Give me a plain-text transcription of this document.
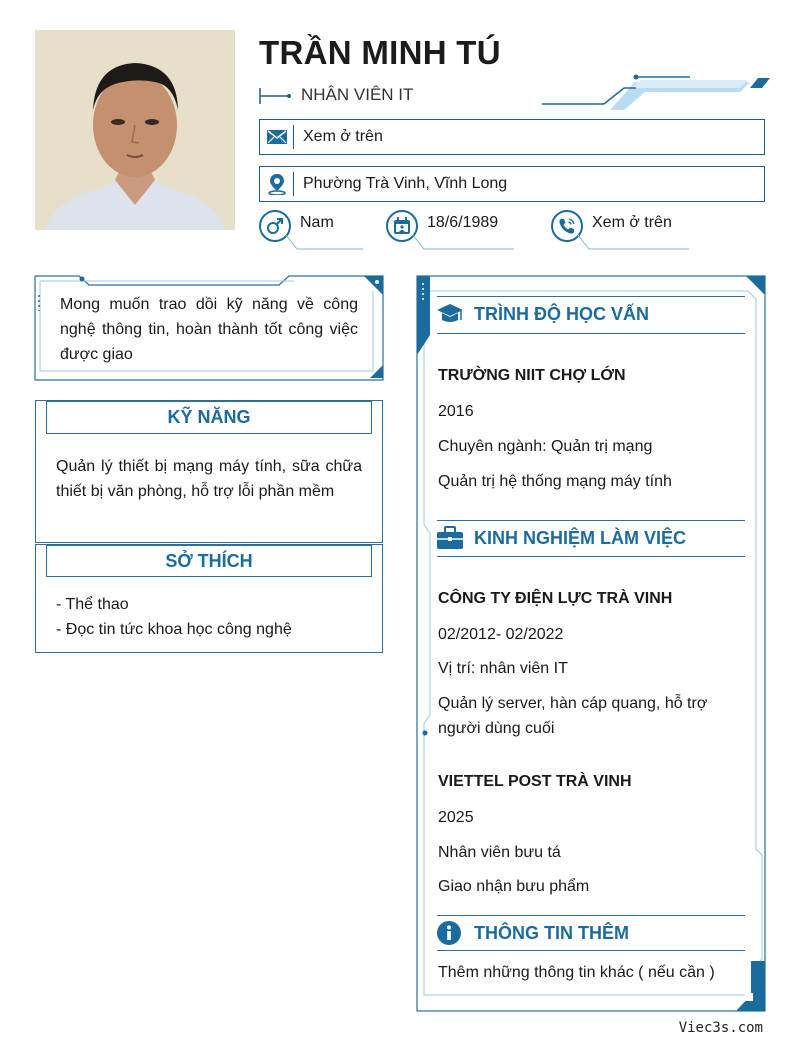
TRẦN MINH TÚ
NHÂN VIÊN IT
Xem ở trên
Phường Trà Vinh, Vĩnh Long
Nam	18/6/1989	Xem ở trên
Mong muốn trao dồi kỹ năng về công nghệ thông tin, hoàn thành tốt công việc được giao
KỸ NĂNG
Quản lý thiết bị mạng máy tính, sữa chữa thiết bị văn phòng, hỗ trợ lỗi phần mềm
SỞ THÍCH
- Thể thao
- Đọc tin tức khoa học công nghệ
TRÌNH ĐỘ HỌC VẤN
TRƯỜNG NIIT CHỢ LỚN
2016
Chuyên ngành: Quản trị mạng
Quản trị hệ thống mạng máy tính
KINH NGHIỆM LÀM VIỆC
CÔNG TY ĐIỆN LỰC TRÀ VINH
02/2012- 02/2022
Vị trí: nhân viên IT
Quản lý server, hàn cáp quang, hỗ trợ
người dùng cuối
VIETTEL POST TRÀ VINH
2025
Nhân viên bưu tá
Giao nhận bưu phẩm
THÔNG TIN THÊM
Thêm những thông tin khác ( nếu cần )
Viec3s.com
